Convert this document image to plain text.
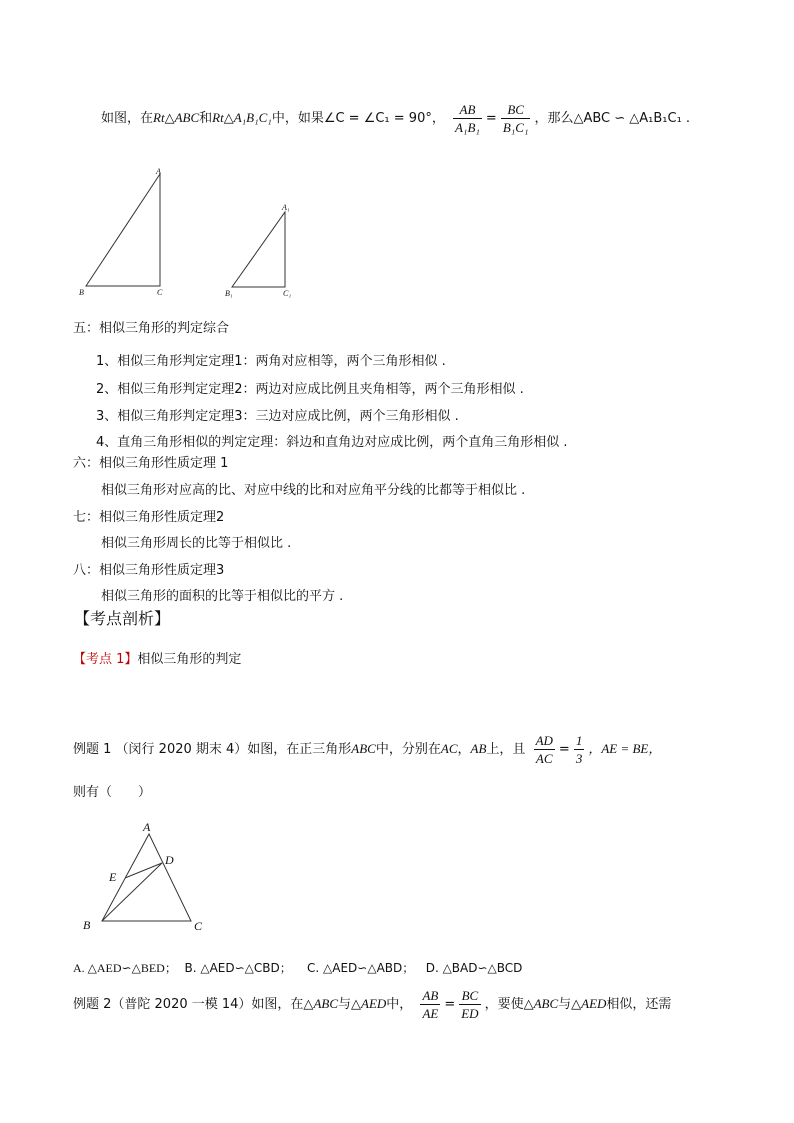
如图，在Rt△ABC和Rt△A₁B₁C₁中，如果∠C = ∠C₁ = 90°， $\frac{AB}{\text{A₁B₁}} = \frac{BC}{\text{B₁C₁}}$ ，那么△ABC ∽ △A₁B₁C₁ .
A
B	C
A₁
B₁	C₁
五：相似三角形的判定综合
1、相似三角形判定定理1：两角对应相等，两个三角形相似 .
2、相似三角形判定定理2：两边对应成比例且夹角相等，两个三角形相似 .
3、相似三角形判定定理3：三边对应成比例，两个三角形相似 .
4、直角三角形相似的判定定理：斜边和直角边对应成比例，两个直角三角形相似 .
六：相似三角形性质定理 1
相似三角形对应高的比、对应中线的比和对应角平分线的比都等于相似比 .
七：相似三角形性质定理2
相似三角形周长的比等于相似比 .
八：相似三角形性质定理3
相似三角形的面积的比等于相似比的平方 .
【考点剖析】
【考点 1】相似三角形的判定
例题 1 （闵行 2020 期末 4）如图，在正三角形ABC中，分别在AC，AB上，且 $\frac{AD}{AC} = \frac{1}{3}$ ，AE = BE，
则有（　　）
A
B	C
D
E
A. △AED∽△BED； B. △AED∽△CBD； C. △AED∽△ABD； D. △BAD∽△BCD
例题 2（普陀 2020 一模 14）如图，在△ABC与△AED中， $\frac{AB}{AE} = \frac{BC}{ED}$ ，要使△ABC与△AED相似，还需
